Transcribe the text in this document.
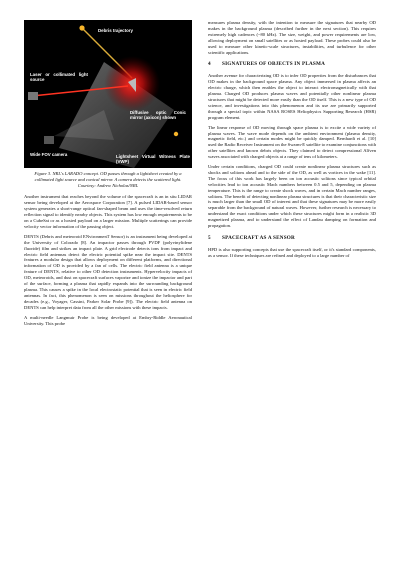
Debris trajectory
Laser or collimated light source
Diffusive optic Conic mirror (axicon) shown
Wide FOV camera	Lightsheet Virtual Witness Plate (VWP)
Figure 3. NRL's LARADO concept. OD passes through a lightsheet created by a collimated light source and conical mirror. A camera detects the scattered light. Courtesy: Andrew Nicholas/NRL

Another instrument that reaches beyond the volume of the spacecraft is an in situ LIDAR sensor being developed at the Aerospace Corporation [7]. A pulsed LIDAR-based sensor system generates a short-range optical fan-shaped beam and uses the time-resolved return reflection signal to identify nearby objects. This system has low enough requirements to be on a CubeSat or as a hosted payload on a larger mission. Multiple scatterings can provide velocity vector information of the passing object.

DENTS (Debris and meteoroid ENvironmenT Sensor) is an instrument being developed at the University of Colorado [8]. An impactor passes through PVDF (polyvinylidene fluoride) film and strikes an impact plate. A grid electrode detects ions from impact and electric field antennas detect the electric potential spike near the impact site. DENTS features a modular design that allows deployment on different platforms, and directional information of OD is provided by a fan of cells. The electric field antenna is a unique feature of DENTS, relative to other OD detection instruments. Hypervelocity impacts of OD, meteoroids, and dust on spacecraft surfaces vaporize and ionize the impactor and part of the surface, forming a plasma that rapidly expands into the surrounding background plasma. This causes a spike in the local electrostatic potential that is seen in electric field antennas. In fact, this phenomenon is seen on missions throughout the heliosphere for decades (e.g., Voyager, Cassini, Parker Solar Probe [9]). The electric field antenna on DENTS can help interpret data from all the other missions with these impacts.

A multi-needle Langmuir Probe is being developed at Embry-Riddle Aeronautical University. This probe

measures plasma density, with the intention to measure the signatures that nearby OD makes in the background plasma (described further in the next section). This requires extremely high cadences (~80 kHz). The size, weight, and power requirements are low, allowing deployment on small satellites or as hosted payload. These probes could also be used to measure other kinetic-scale structures, instabilities, and turbulence for other scientific applications.

4 SIGNATURES OF OBJECTS IN PLASMA

Another avenue for characterizing OD is to infer OD properties from the disturbances that OD makes in the background space plasma. Any object immersed in plasma affects an electric charge, which then enables the object to interact electromagnetically with that plasma. Charged OD produces plasma waves and potentially other nonlinear plasma structures that might be detected more easily than the OD itself. This is a new type of OD science, and investigations into this phenomenon and its use are primarily supported through a special topic within NASA ROSES Heliophysics Supporting Research (HSR) program element.

The linear response of OD moving through space plasma is to excite a wide variety of plasma waves. The wave mode depends on the ambient environment (plasma density, magnetic field, etc.) and certain modes might be quickly damped. Bernhardt et al. [10] used the Radio Receiver Instrument on the Swarm-E satellite to examine conjunctions with other satellites and known debris objects. They claimed to detect compressional Alfven waves associated with charged objects at a range of tens of kilometers.

Under certain conditions, charged OD could create nonlinear plasma structures such as shocks and solitons ahead and to the side of the OD, as well as vortices in the wake [11]. The focus of this work has largely been on ion acoustic solitons since typical orbital velocities lead to ion acoustic Mach numbers between 0.5 and 5, depending on plasma temperature. This is the range to create shock waves, and in certain Mach number ranges, solitons. The benefit of detecting nonlinear plasma structures is that their characteristic size is much larger than the small OD of interest and that these signatures may be more easily separable from the background of natural waves. However, further research is necessary to understand the exact conditions under which these structures might form in a realistic 3D magnetized plasma, and to understand the effect of Landau damping on formation and propagation.

5 SPACECRAFT AS A SENSOR

HPD is also supporting concepts that use the spacecraft itself, or it's standard components, as a sensor. If these techniques are refined and deployed to a large number of
